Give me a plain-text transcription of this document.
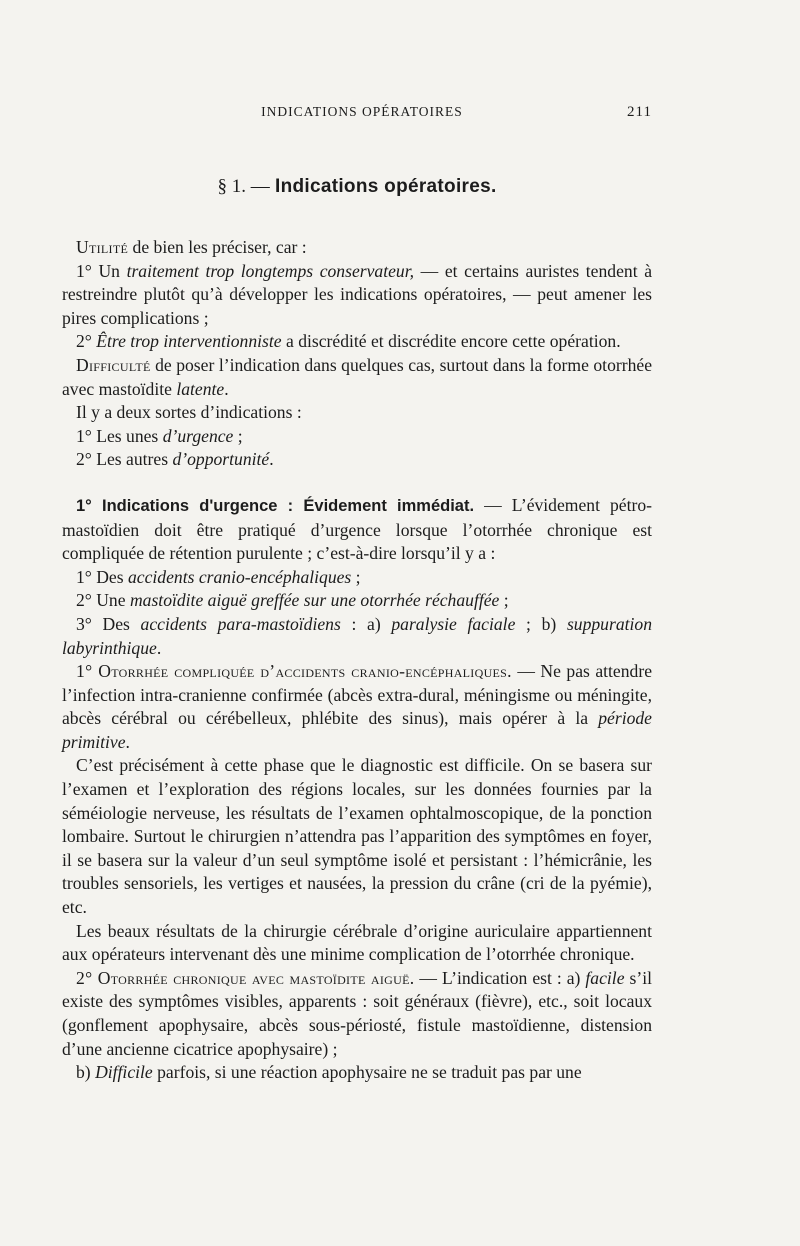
INDICATIONS OPÉRATOIRES	211
§ 1. — Indications opératoires.

Utilité de bien les préciser, car :

1° Un traitement trop longtemps conservateur, — et certains auristes tendent à restreindre plutôt qu’à développer les indications opératoires, — peut amener les pires complications ;

2° Être trop interventionniste a discrédité et discrédite encore cette opération.

Difficulté de poser l’indication dans quelques cas, surtout dans la forme otorrhée avec mastoïdite latente.

Il y a deux sortes d’indications :

1° Les unes d’urgence ;

2° Les autres d’opportunité.

1° Indications d'urgence : Évidement immédiat. — L’évidement pétro-mastoïdien doit être pratiqué d’urgence lorsque l’otorrhée chronique est compliquée de rétention purulente ; c’est-à-dire lorsqu’il y a :

1° Des accidents cranio-encéphaliques ;

2° Une mastoïdite aiguë greffée sur une otorrhée réchauffée ;

3° Des accidents para-mastoïdiens : a) paralysie faciale ; b) suppuration labyrinthique.

1° Otorrhée compliquée d’accidents cranio-encéphaliques. — Ne pas attendre l’infection intra-cranienne confirmée (abcès extra-dural, méningisme ou méningite, abcès cérébral ou cérébelleux, phlébite des sinus), mais opérer à la période primitive.

C’est précisément à cette phase que le diagnostic est difficile. On se basera sur l’examen et l’exploration des régions locales, sur les données fournies par la séméiologie nerveuse, les résultats de l’examen ophtalmoscopique, de la ponction lombaire. Surtout le chirurgien n’attendra pas l’apparition des symptômes en foyer, il se basera sur la valeur d’un seul symptôme isolé et persistant : l’hémicrânie, les troubles sensoriels, les vertiges et nausées, la pression du crâne (cri de la pyémie), etc.

Les beaux résultats de la chirurgie cérébrale d’origine auriculaire appartiennent aux opérateurs intervenant dès une minime complication de l’otorrhée chronique.

2° Otorrhée chronique avec mastoïdite aiguë. — L’indication est : a) facile s’il existe des symptômes visibles, apparents : soit généraux (fièvre), etc., soit locaux (gonflement apophysaire, abcès sous-périosté, fistule mastoïdienne, distension d’une ancienne cicatrice apophysaire) ;

b) Difficile parfois, si une réaction apophysaire ne se traduit pas par une
